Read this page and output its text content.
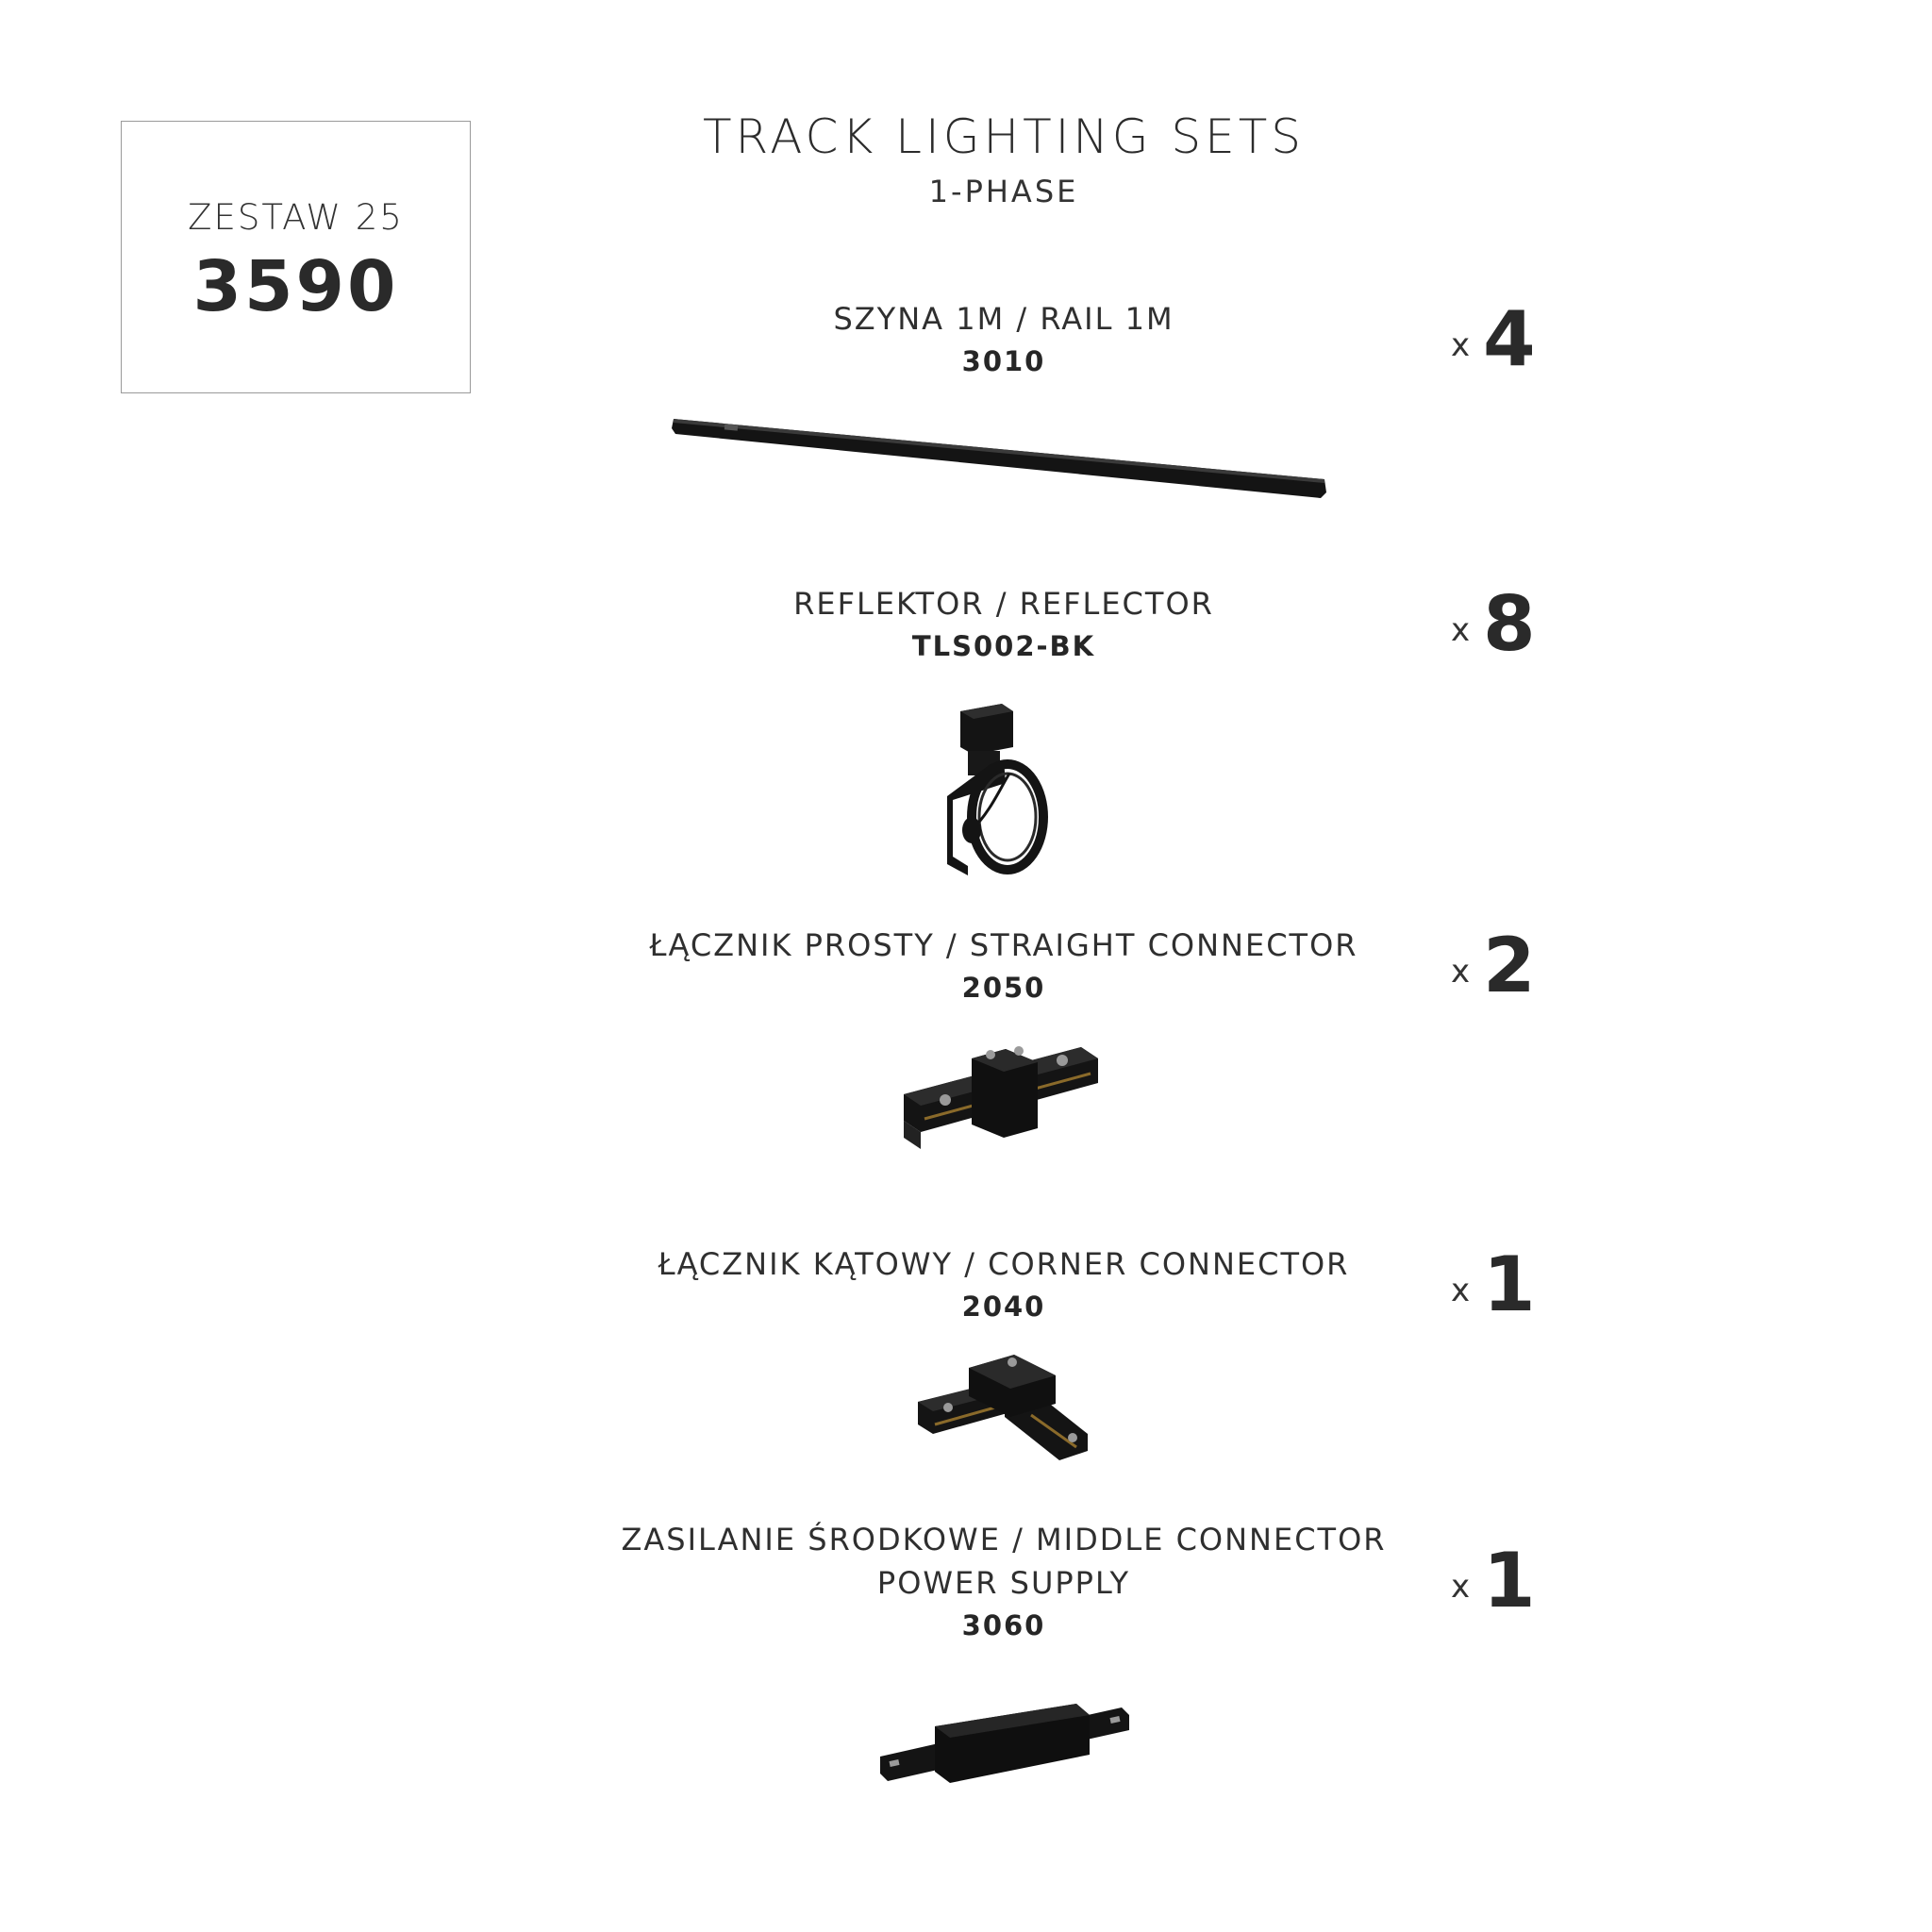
ZESTAW 25
3590
TRACK LIGHTING SETS
1-PHASE
SZYNA 1M / RAIL 1M
3010	x 4
REFLEKTOR / REFLECTOR
TLS002-BK	x 8
ŁĄCZNIK PROSTY / STRAIGHT CONNECTOR
2050	x 2
ŁĄCZNIK KĄTOWY / CORNER CONNECTOR
2040	x 1
ZASILANIE ŚRODKOWE / MIDDLE CONNECTOR
POWER SUPPLY
3060
x 1
